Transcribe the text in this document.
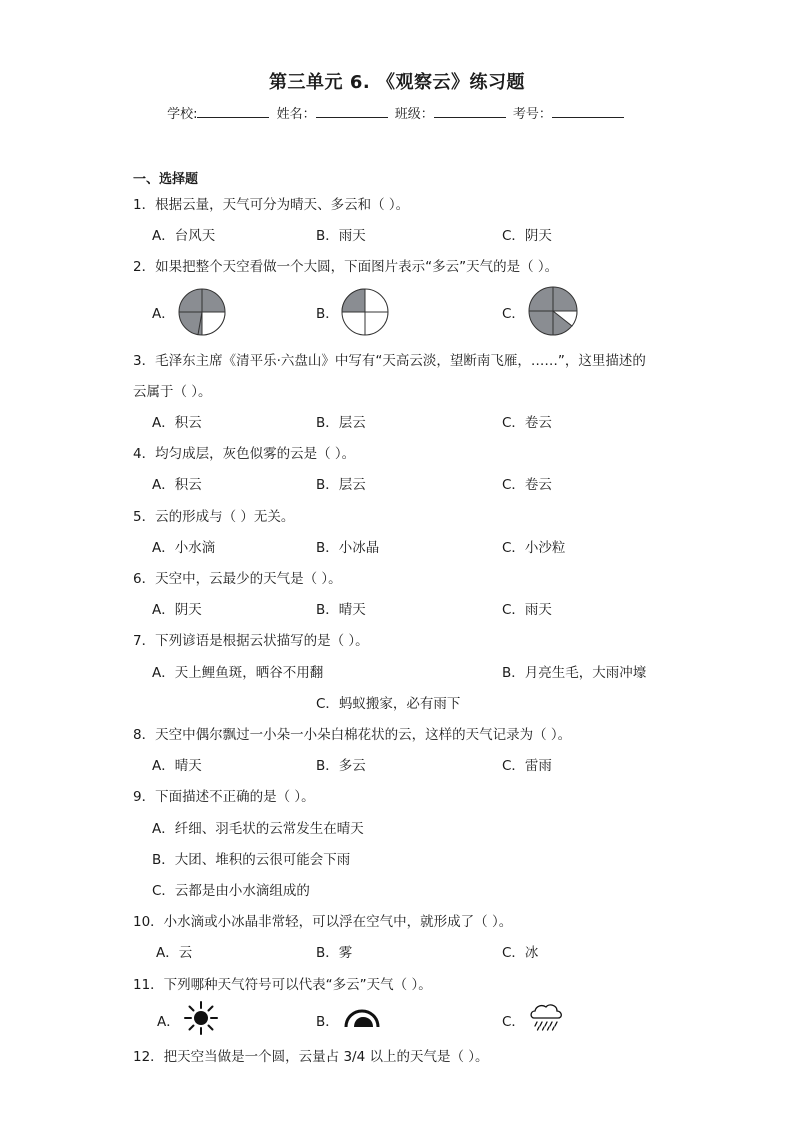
第三单元 6. 《观察云》练习题
学校:	姓名：	班级：	考号：
一、选择题
1．根据云量，天气可分为晴天、多云和（ ）。
A．台风天	B．雨天	C．阴天
2．如果把整个天空看做一个大圆，下面图片表示“多云”天气的是（ ）。
A．	B．	C．
3．毛泽东主席《清平乐·六盘山》中写有“天高云淡，望断南飞雁，……”，这里描述的
云属于（ ）。
A．积云	B．层云	C．卷云
4．均匀成层，灰色似雾的云是（ ）。
A．积云	B．层云	C．卷云
5．云的形成与（ ）无关。
A．小水滴	B．小冰晶	C．小沙粒
6．天空中，云最少的天气是（ ）。
A．阴天	B．晴天	C．雨天
7．下列谚语是根据云状描写的是（ ）。
A．天上鲤鱼斑，晒谷不用翻	B．月亮生毛，大雨冲壕
C．蚂蚁搬家，必有雨下
8．天空中偶尔飘过一小朵一小朵白棉花状的云，这样的天气记录为（ ）。
A．晴天	B．多云	C．雷雨
9．下面描述不正确的是（ ）。
A．纤细、羽毛状的云常发生在晴天
B．大团、堆积的云很可能会下雨
C．云都是由小水滴组成的
10．小水滴或小冰晶非常轻，可以浮在空气中，就形成了（ ）。
A．云	B．雾	C．冰
11．下列哪种天气符号可以代表“多云”天气（ ）。
A．	B．	C．
12．把天空当做是一个圆，云量占 3/4 以上的天气是（ ）。
